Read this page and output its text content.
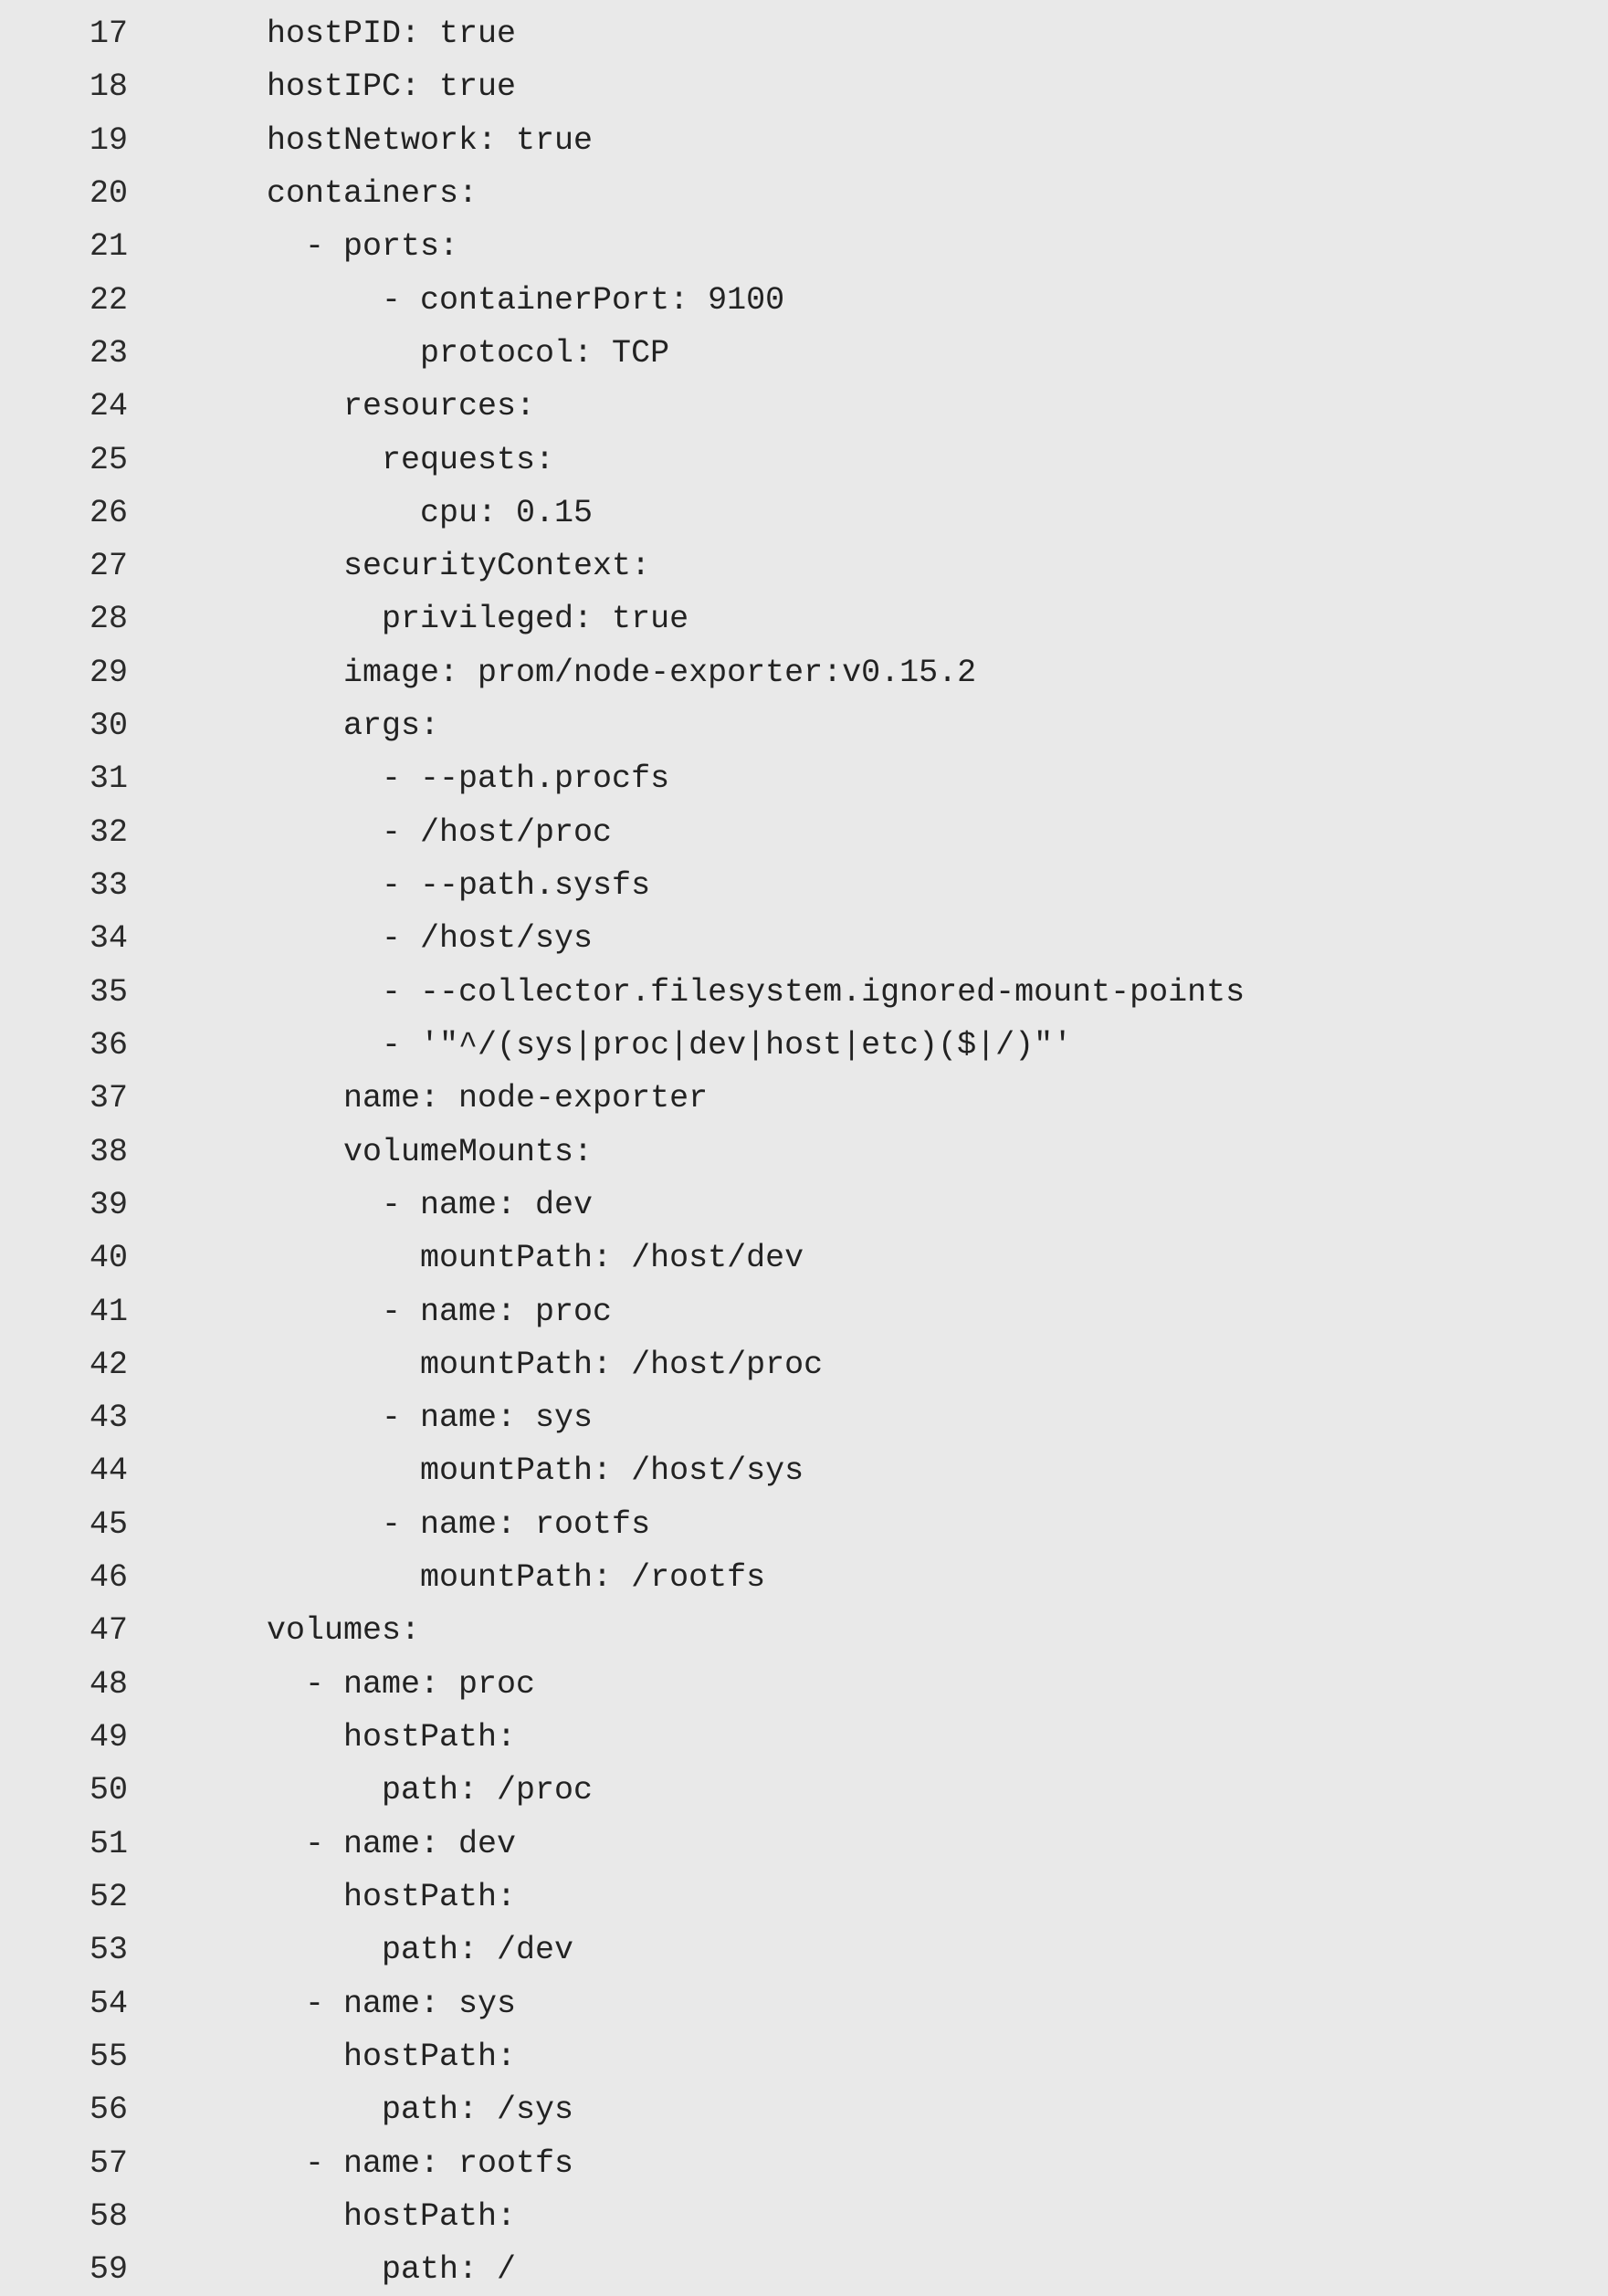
17	hostPID: true
18	hostIPC: true
19	hostNetwork: true
20	containers:
21	- ports:
22	- containerPort: 9100
23	protocol: TCP
24	resources:
25	requests:
26	cpu: 0.15
27	securityContext:
28	privileged: true
29	image: prom/node-exporter:v0.15.2
30	args:
31	- --path.procfs
32	- /host/proc
33	- --path.sysfs
34	- /host/sys
35	- --collector.filesystem.ignored-mount-points
36	- '"^/(sys|proc|dev|host|etc)($|/)"'
37	name: node-exporter
38	volumeMounts:
39	- name: dev
40	mountPath: /host/dev
41	- name: proc
42	mountPath: /host/proc
43	- name: sys
44	mountPath: /host/sys
45	- name: rootfs
46	mountPath: /rootfs
47	volumes:
48	- name: proc
49	hostPath:
50	path: /proc
51	- name: dev
52	hostPath:
53	path: /dev
54	- name: sys
55	hostPath:
56	path: /sys
57	- name: rootfs
58	hostPath:
59	path: /
